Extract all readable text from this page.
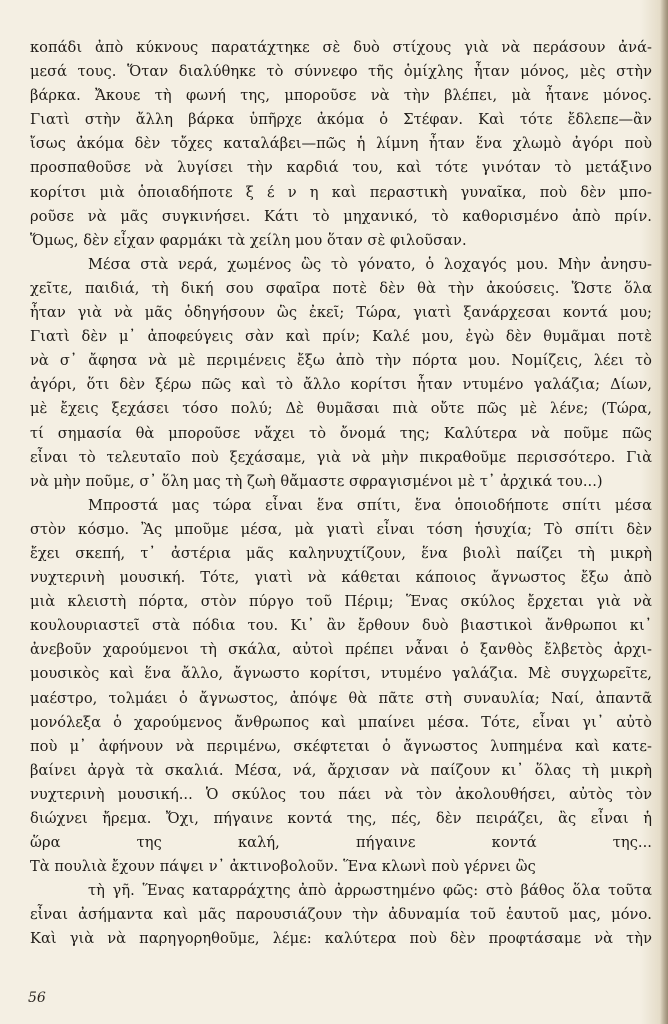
κοπάδι ἀπὸ κύκνους παρατάχτηκε σὲ δυὸ στίχους γιὰ νὰ περάσουν ἀνά-
μεσά τους. Ὅταν διαλύθηκε τὸ σύννεφο τῆς ὁμίχλης ἦταν μόνος, μὲς στὴν
βάρκα. Ἄκουε τὴ φωνή της, μποροῦσε νὰ τὴν βλέπει, μὰ ἦτανε μόνος.
Γιατὶ στὴν ἄλλη βάρκα ὑπῆρχε ἀκόμα ὁ Στέφαν. Καὶ τότε ἔδλεπε—ἂν
ἴσως ἀκόμα δὲν τὄχες καταλάβει—πῶς ἡ λίμνη ἦταν ἕνα χλωμὸ ἀγόρι ποὺ
προσπαθοῦσε νὰ λυγίσει τὴν καρδιά του, καὶ τότε γινόταν τὸ μετάξινο
κορίτσι μιὰ ὁποιαδήποτε ξ έ ν η καὶ περαστικὴ γυναῖκα, ποὺ δὲν μπο-
ροῦσε νὰ μᾶς συγκινήσει. Κάτι τὸ μηχανικό, τὸ καθορισμένο ἀπὸ πρίν.
Ὅμως, δὲν εἶχαν φαρμάκι τὰ χείλη μου ὅταν σὲ φιλοῦσαν.
Μέσα στὰ νερά, χωμένος ὣς τὸ γόνατο, ὁ λοχαγός μου. Μὴν ἀνησυ-
χεῖτε, παιδιά, τὴ δική σου σφαῖρα ποτὲ δὲν θὰ τὴν ἀκούσεις. Ὥστε ὅλα
ἦταν γιὰ νὰ μᾶς ὁδηγήσουν ὣς ἐκεῖ; Τώρα, γιατὶ ξανάρχεσαι κοντά μου;
Γιατὶ δὲν μ᾿ ἀποφεύγεις σὰν καὶ πρίν; Καλέ μου, ἐγὼ δὲν θυμᾶμαι ποτὲ
νὰ σ᾿ ἄφησα νὰ μὲ περιμένεις ἔξω ἀπὸ τὴν πόρτα μου. Νομίζεις, λέει τὸ
ἀγόρι, ὅτι δὲν ξέρω πῶς καὶ τὸ ἄλλο κορίτσι ἦταν ντυμένο γαλάζια; Δίων,
μὲ ἔχεις ξεχάσει τόσο πολύ; Δὲ θυμᾶσαι πιὰ οὔτε πῶς μὲ λένε; (Τώρα,
τί σημασία θὰ μποροῦσε νἄχει τὸ ὄνομά της; Καλύτερα νὰ ποῦμε πῶς
εἶναι τὸ τελευταῖο ποὺ ξεχάσαμε, γιὰ νὰ μὴν πικραθοῦμε περισσότερο. Γιὰ
νὰ μὴν ποῦμε, σ᾿ ὅλη μας τὴ ζωὴ θἄμαστε σφραγισμένοι μὲ τ᾿ ἀρχικά του...)
Μπροστά μας τώρα εἶναι ἕνα σπίτι, ἕνα ὁποιοδήποτε σπίτι μέσα
στὸν κόσμο. Ἂς μποῦμε μέσα, μὰ γιατὶ εἶναι τόση ἡσυχία; Τὸ σπίτι δὲν
ἔχει σκεπή, τ᾿ ἀστέρια μᾶς καληνυχτίζουν, ἕνα βιολὶ παίζει τὴ μικρὴ
νυχτερινὴ μουσική. Τότε, γιατὶ νὰ κάθεται κάποιος ἄγνωστος ἔξω ἀπὸ
μιὰ κλειστὴ πόρτα, στὸν πύργο τοῦ Πέριμ; Ἕνας σκύλος ἔρχεται γιὰ νὰ
κουλουριαστεῖ στὰ πόδια του. Κι᾿ ἂν ἔρθουν δυὸ βιαστικοὶ ἄνθρωποι κι᾿
ἀνεβοῦν χαρούμενοι τὴ σκάλα, αὐτοὶ πρέπει νἆναι ὁ ξανθὸς ἔλβετὸς ἀρχι-
μουσικὸς καὶ ἕνα ἄλλο, ἄγνωστο κορίτσι, ντυμένο γαλάζια. Μὲ συγχωρεῖτε,
μαέστρο, τολμάει ὁ ἄγνωστος, ἀπόψε θὰ πᾶτε στὴ συναυλία; Ναί, ἀπαντᾶ
μονόλεξα ὁ χαρούμενος ἄνθρωπος καὶ μπαίνει μέσα. Τότε, εἶναι γι᾿ αὐτὸ
ποὺ μ᾿ ἀφήνουν νὰ περιμένω, σκέφτεται ὁ ἄγνωστος λυπημένα καὶ κατε-
βαίνει ἀργὰ τὰ σκαλιά. Μέσα, νά, ἄρχισαν νὰ παίζουν κι᾿ ὅλας τὴ μικρὴ
νυχτερινὴ μουσική... Ὁ σκύλος του πάει νὰ τὸν ἀκολουθήσει, αὐτὸς τὸν
διώχνει ἤρεμα. Ὄχι, πήγαινε κοντά της, πές, δὲν πειράζει, ἂς εἶναι ἡ
ὥρα της καλή, πήγαινε κοντά της...
Τὰ πουλιὰ ἔχουν πάψει ν᾿ ἀκτινοβολοῦν. Ἕνα κλωνὶ ποὺ γέρνει ὣς
τὴ γῆ. Ἕνας καταρράχτης ἀπὸ ἀρρωστημένο φῶς: στὸ βάθος ὅλα τοῦτα
εἶναι ἀσήμαντα καὶ μᾶς παρουσιάζουν τὴν ἀδυναμία τοῦ ἑαυτοῦ μας, μόνο.
Καὶ γιὰ νὰ παρηγορηθοῦμε, λέμε: καλύτερα ποὺ δὲν προφτάσαμε νὰ τὴν
56
